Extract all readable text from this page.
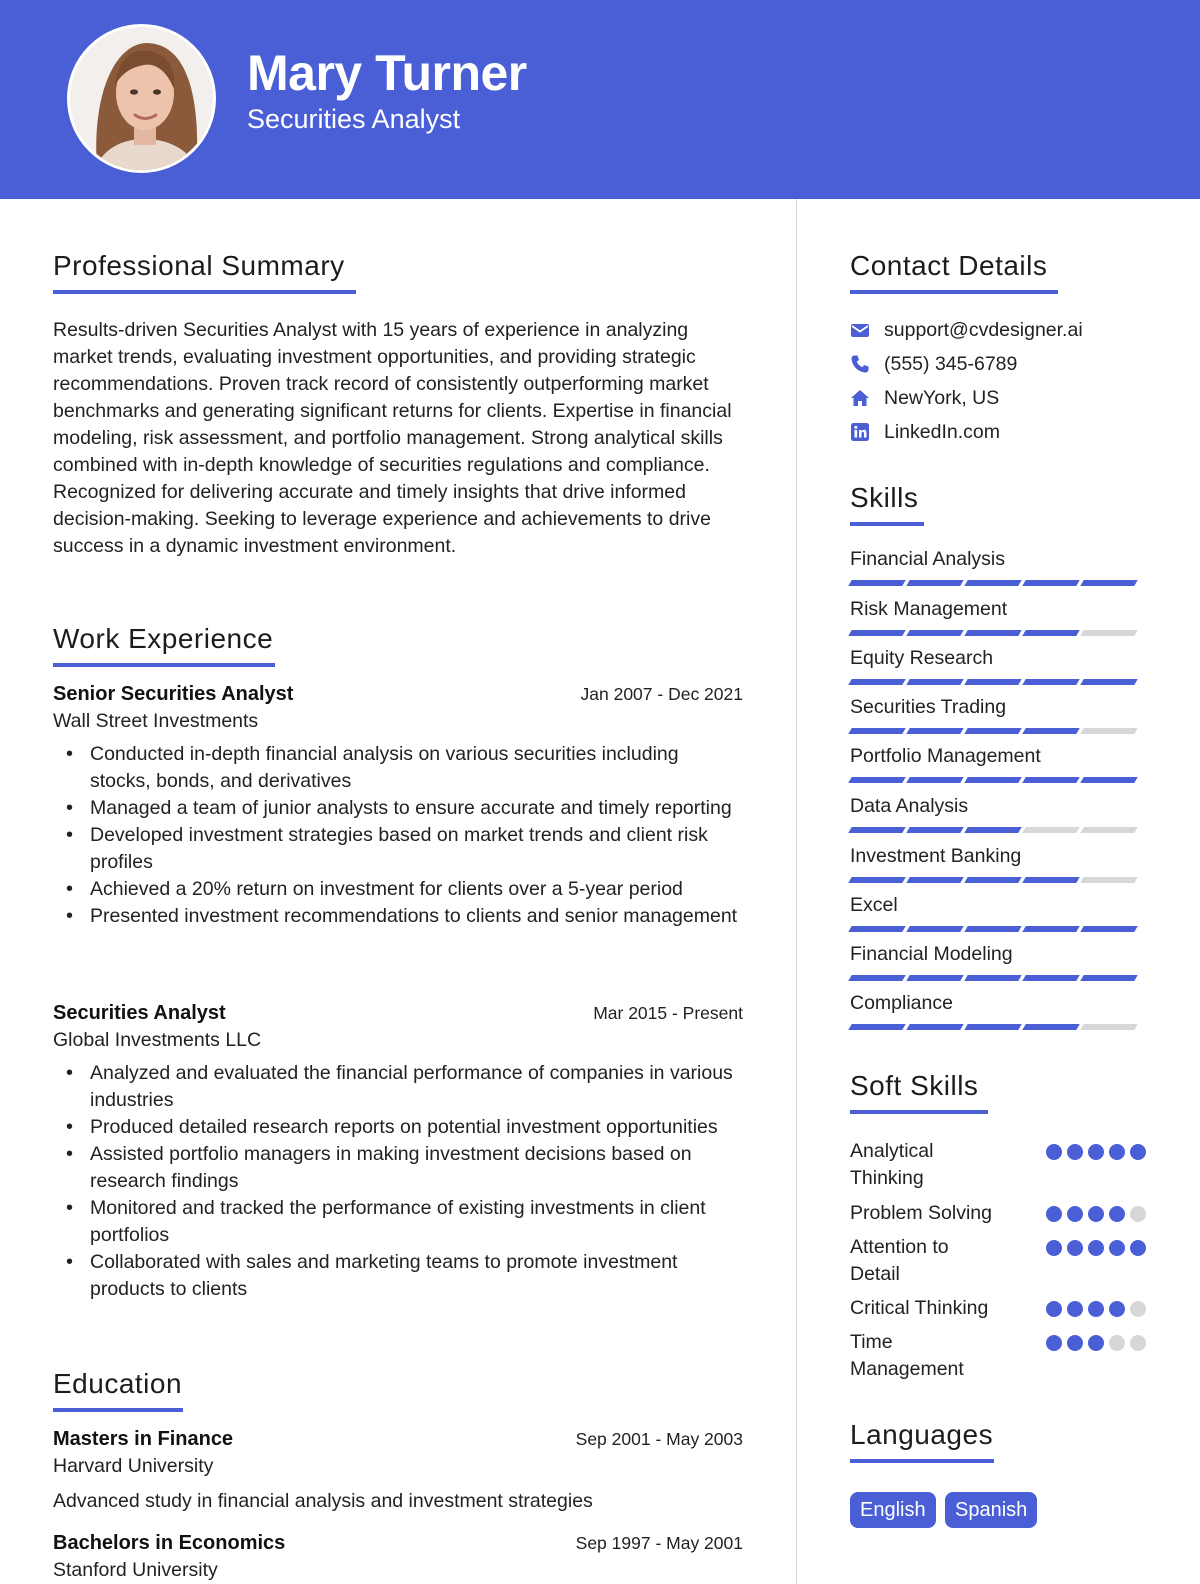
Mary Turner
Securities Analyst
Professional Summary
Results-driven Securities Analyst with 15 years of experience in analyzing market trends, evaluating investment opportunities, and providing strategic recommendations. Proven track record of consistently outperforming market benchmarks and generating significant returns for clients. Expertise in financial modeling, risk assessment, and portfolio management. Strong analytical skills combined with in-depth knowledge of securities regulations and compliance. Recognized for delivering accurate and timely insights that drive informed decision-making. Seeking to leverage experience and achievements to drive success in a dynamic investment environment.
Work Experience
Senior Securities Analyst	Jan 2007 - Dec 2021
Wall Street Investments
• Conducted in-depth financial analysis on various securities including stocks, bonds, and derivatives
• Managed a team of junior analysts to ensure accurate and timely reporting
• Developed investment strategies based on market trends and client risk profiles
• Achieved a 20% return on investment for clients over a 5-year period
• Presented investment recommendations to clients and senior management
Securities Analyst	Mar 2015 - Present
Global Investments LLC
• Analyzed and evaluated the financial performance of companies in various industries
• Produced detailed research reports on potential investment opportunities
• Assisted portfolio managers in making investment decisions based on research findings
• Monitored and tracked the performance of existing investments in client portfolios
• Collaborated with sales and marketing teams to promote investment products to clients
Education
Masters in Finance	Sep 2001 - May 2003
Harvard University
Advanced study in financial analysis and investment strategies
Bachelors in Economics	Sep 1997 - May 2001
Stanford University
Contact Details
support@cvdesigner.ai
(555) 345-6789
NewYork, US
LinkedIn.com
Skills
Financial Analysis
Risk Management
Equity Research
Securities Trading
Portfolio Management
Data Analysis
Investment Banking
Excel
Financial Modeling
Compliance
Soft Skills
Analytical Thinking
Problem Solving
Attention to Detail
Critical Thinking
Time Management
Languages
English	Spanish
